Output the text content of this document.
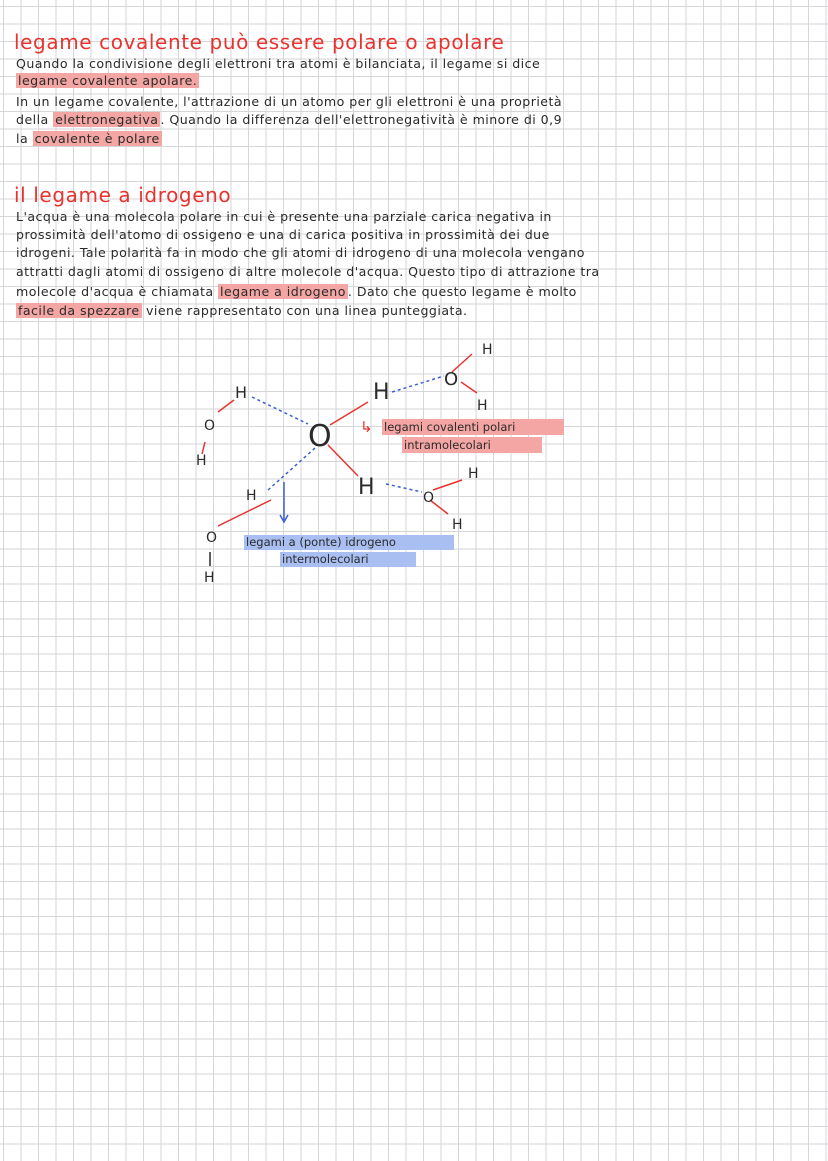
legame covalente può essere polare o apolare
Quando la condivisione degli elettroni tra atomi è bilanciata, il legame si dice
legame covalente apolare.
In un legame covalente, l'attrazione di un atomo per gli elettroni è una proprietà
della elettronegativa . Quando la differenza dell'elettronegatività è minore di 0,9
la covalente è polare
il legame a idrogeno
L'acqua è una molecola polare in cui è presente una parziale carica negativa in
prossimità dell'atomo di ossigeno e una di carica positiva in prossimità dei due
idrogeni. Tale polarità fa in modo che gli atomi di idrogeno di una molecola vengano
attratti dagli atomi di ossigeno di altre molecole d'acqua. Questo tipo di attrazione tra
molecole d'acqua è chiamata legame a idrogeno . Dato che questo legame è molto
facile da spezzare viene rappresentato con una linea punteggiata.
↳
O
O
H
H	H
O
H
H
H	O
H
H
H
O
H
legami covalenti polari
intramolecolari
legami a (ponte) idrogeno
intermolecolari
